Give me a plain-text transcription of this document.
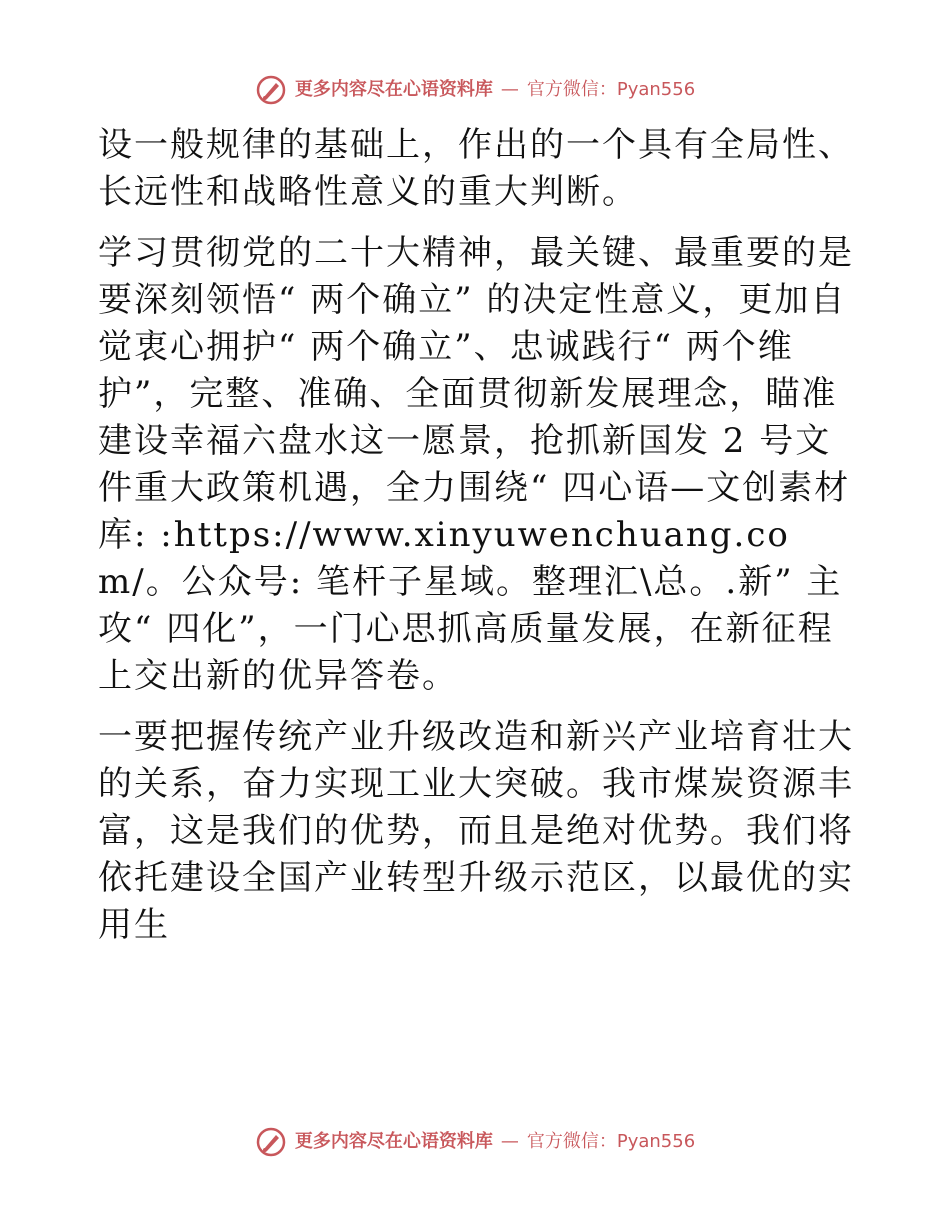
更多内容尽在心语资料库 — 官方微信：Pyan556

设一般规律的基础上，作出的一个具有全局性、长远性和战略性意义的重大判断。

学习贯彻党的二十大精神，最关键、最重要的是要深刻领悟“ 两个确立” 的决定性意义，更加自觉衷心拥护“ 两个确立”、忠诚践行“ 两个维护”，完整、准确、全面贯彻新发展理念，瞄准建设幸福六盘水这一愿景，抢抓新国发 2 号文件重大政策机遇，全力围绕“ 四心语—文创素材库: :https://www.xinyuwenchuang.com/。公众号: 笔杆子星域。整理汇\总。.新” 主攻“ 四化”，一门心思抓高质量发展，在新征程上交出新的优异答卷。

一要把握传统产业升级改造和新兴产业培育壮大的关系，奋力实现工业大突破。我市煤炭资源丰富，这是我们的优势，而且是绝对优势。我们将依托建设全国产业转型升级示范区，以最优的实用生

更多内容尽在心语资料库 — 官方微信：Pyan556
